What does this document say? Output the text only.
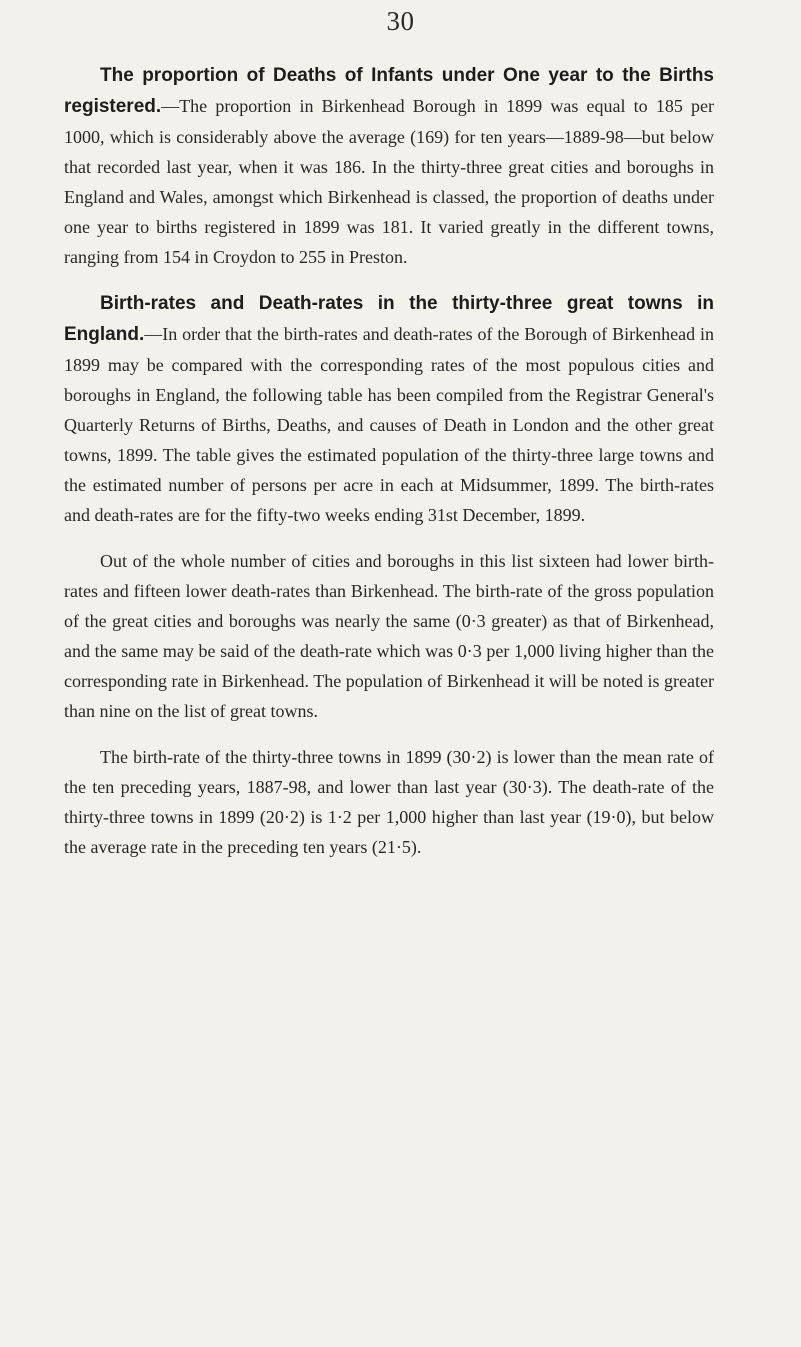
30

The proportion of Deaths of Infants under One year to the Births registered.—The proportion in Birkenhead Borough in 1899 was equal to 185 per 1000, which is considerably above the average (169) for ten years—1889-98—but below that recorded last year, when it was 186. In the thirty-three great cities and boroughs in England and Wales, amongst which Birkenhead is classed, the proportion of deaths under one year to births registered in 1899 was 181. It varied greatly in the different towns, ranging from 154 in Croydon to 255 in Preston.

Birth-rates and Death-rates in the thirty-three great towns in England.—In order that the birth-rates and death-rates of the Borough of Birkenhead in 1899 may be compared with the corresponding rates of the most populous cities and boroughs in England, the following table has been compiled from the Registrar General's Quarterly Returns of Births, Deaths, and causes of Death in London and the other great towns, 1899. The table gives the estimated population of the thirty-three large towns and the estimated number of persons per acre in each at Midsummer, 1899. The birth-rates and death-rates are for the fifty-two weeks ending 31st December, 1899.

Out of the whole number of cities and boroughs in this list sixteen had lower birth-rates and fifteen lower death-rates than Birkenhead. The birth-rate of the gross population of the great cities and boroughs was nearly the same (0·3 greater) as that of Birkenhead, and the same may be said of the death-rate which was 0·3 per 1,000 living higher than the corresponding rate in Birkenhead. The population of Birkenhead it will be noted is greater than nine on the list of great towns.

The birth-rate of the thirty-three towns in 1899 (30·2) is lower than the mean rate of the ten preceding years, 1887-98, and lower than last year (30·3). The death-rate of the thirty-three towns in 1899 (20·2) is 1·2 per 1,000 higher than last year (19·0), but below the average rate in the preceding ten years (21·5).
